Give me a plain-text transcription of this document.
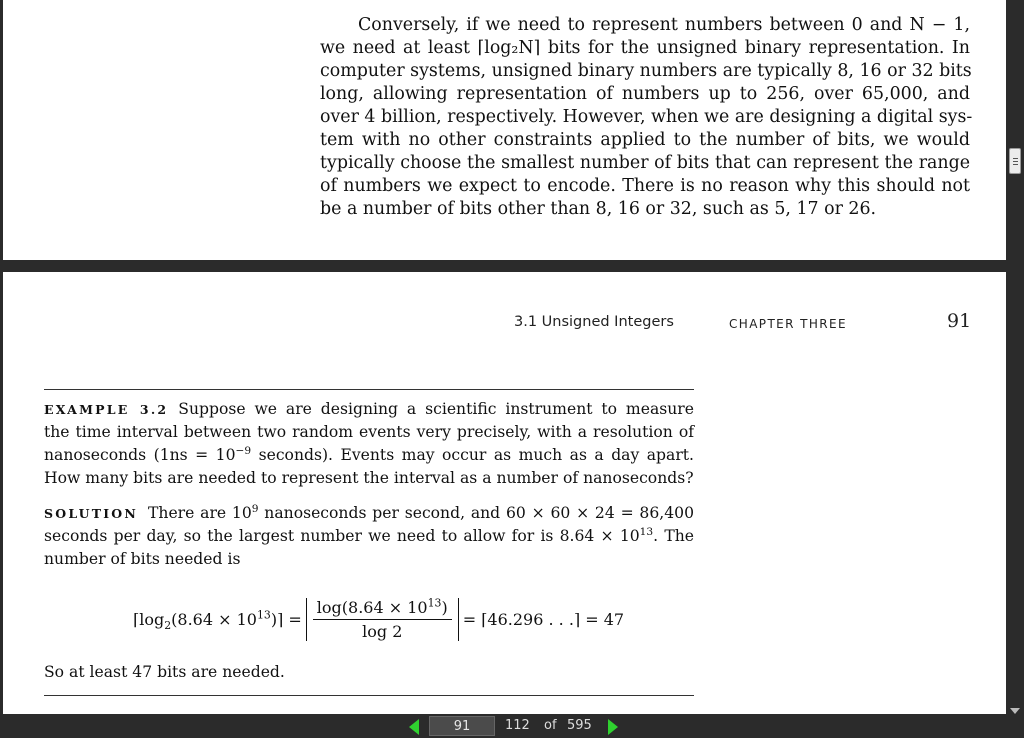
Conversely, if we need to represent numbers between 0 and N − 1,
we need at least ⌈log₂N⌉ bits for the unsigned binary representation. In
computer systems, unsigned binary numbers are typically 8, 16 or 32 bits
long, allowing representation of numbers up to 256, over 65,000, and
over 4 billion, respectively. However, when we are designing a digital sys-
tem with no other constraints applied to the number of bits, we would
typically choose the smallest number of bits that can represent the range
of numbers we expect to encode. There is no reason why this should not
be a number of bits other than 8, 16 or 32, such as 5, 17 or 26.
3.1 Unsigned Integers	CHAPTER THREE	91
EXAMPLE 3.2 Suppose we are designing a scientific instrument to measure
the time interval between two random events very precisely, with a resolution of
nanoseconds ($1ns = 10^{-9}$ seconds). Events may occur as much as a day apart.
How many bits are needed to represent the interval as a number of nanoseconds?
SOLUTION There are $10^9$ nanoseconds per second, and 60 × 60 × 24 = 86,400
seconds per day, so the largest number we need to allow for is $8.64 \times 10^{13}$. The
number of bits needed is
$⌈\log_2(8.64$ × $10^{13})⌉ = \frac{\log(8.64 \times 10^{13})}{\log 2}$ = ⌈46.296 . . .⌉ = 47
So at least 47 bits are needed.
91
112 of 595
